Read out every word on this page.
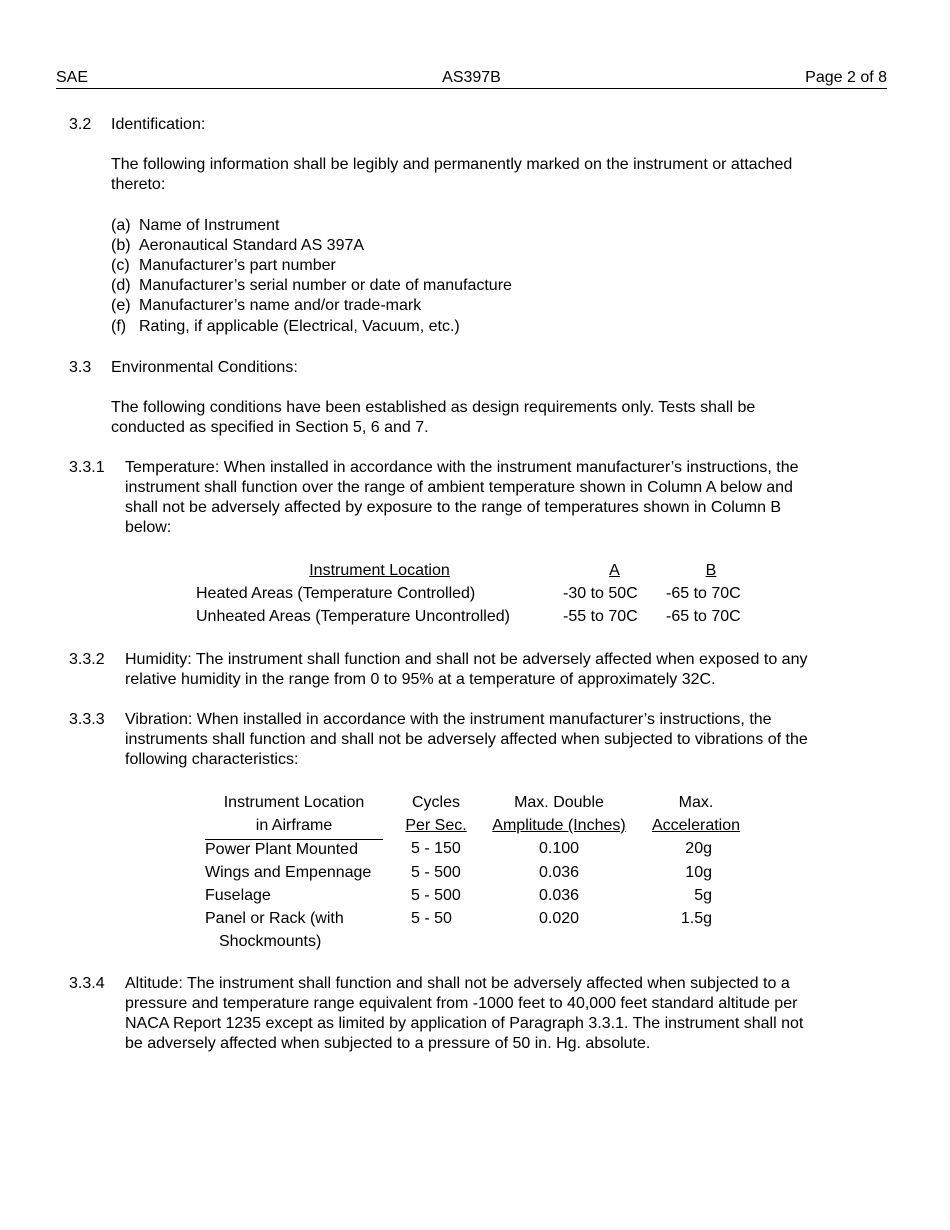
SAE	AS397B	Page 2 of 8
3.2 Identification:
The following information shall be legibly and permanently marked on the instrument or attached
thereto:
(a) Name of Instrument
(b) Aeronautical Standard AS 397A
(c) Manufacturer’s part number
(d) Manufacturer’s serial number or date of manufacture
(e) Manufacturer’s name and/or trade-mark
(f) Rating, if applicable (Electrical, Vacuum, etc.)
3.3 Environmental Conditions:
The following conditions have been established as design requirements only. Tests shall be
conducted as specified in Section 5, 6 and 7.
3.3.1 Temperature: When installed in accordance with the instrument manufacturer’s instructions, the
instrument shall function over the range of ambient temperature shown in Column A below and
shall not be adversely affected by exposure to the range of temperatures shown in Column B
below:
Instrument Location	A	B
Heated Areas (Temperature Controlled)	-30 to 50C	-65 to 70C
Unheated Areas (Temperature Uncontrolled)	-55 to 70C	-65 to 70C
3.3.2 Humidity: The instrument shall function and shall not be adversely affected when exposed to any
relative humidity in the range from 0 to 95% at a temperature of approximately 32C.
3.3.3 Vibration: When installed in accordance with the instrument manufacturer’s instructions, the
instruments shall function and shall not be adversely affected when subjected to vibrations of the
following characteristics:
Instrument Location		Cycles		Max. Double		Max.
in Airframe		Per Sec.		Amplitude (Inches)		Acceleration
Power Plant Mounted		5 - 150		0.100		20g
Wings and Empennage		5 - 500		0.036		10g
Fuselage		5 - 500		0.036		5g
Panel or Rack (with		5 - 50		0.020		1.5g
Shockmounts)						
3.3.4 Altitude: The instrument shall function and shall not be adversely affected when subjected to a
pressure and temperature range equivalent from -1000 feet to 40,000 feet standard altitude per
NACA Report 1235 except as limited by application of Paragraph 3.3.1. The instrument shall not
be adversely affected when subjected to a pressure of 50 in. Hg. absolute.
